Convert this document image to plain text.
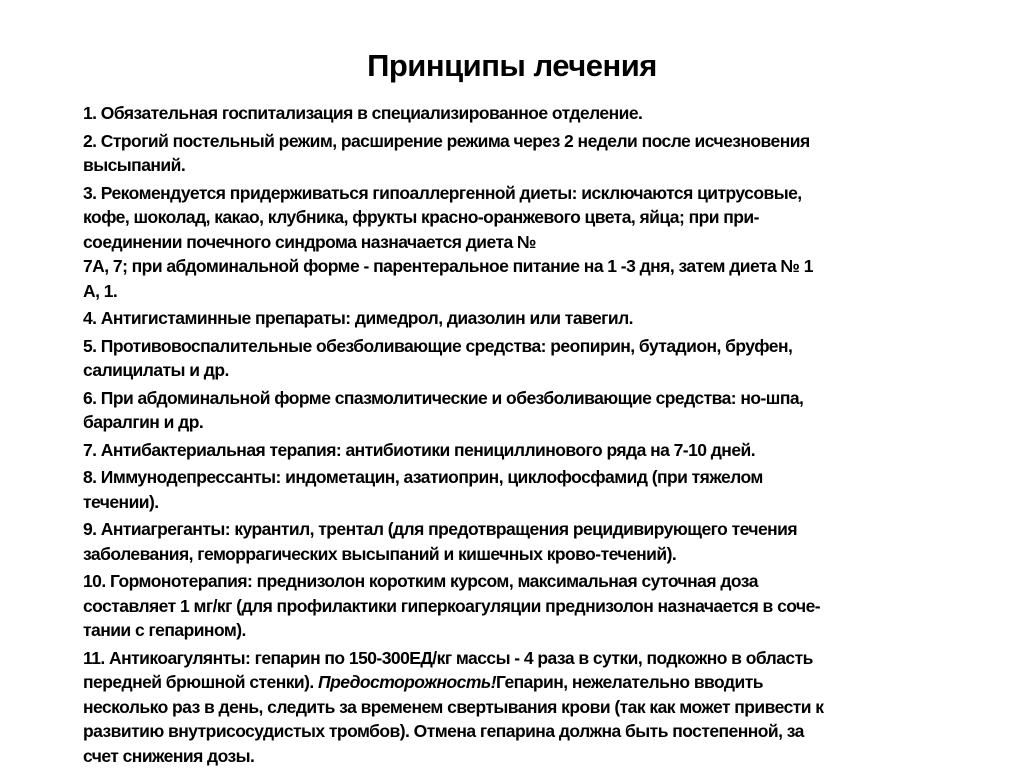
Принципы лечения
1. Обязательная госпитализация в специализированное отделение.
2. Строгий постельный режим, расширение режима через 2 недели после исчезновения
высыпаний.
3. Рекомендуется придерживаться гипоаллергенной диеты: исключаются цитрусовые,
кофе, шоколад, какао, клубника, фрукты красно-оранжевого цвета, яйца; при при-
соединении почечного синдрома назначается диета №
7А, 7; при абдоминальной форме - парентеральное питание на 1 -3 дня, затем диета № 1
А, 1.
4. Антигистаминные препараты: димедрол, диазолин или тавегил.
5. Противовоспалительные обезболивающие средства: реопирин, бутадион, бруфен,
салицилаты и др.
6. При абдоминальной форме спазмолитические и обезболивающие средства: но-шпа,
баралгин и др.
7. Антибактериальная терапия: антибиотики пенициллинового ряда на 7-10 дней.
8. Иммунодепрессанты: индометацин, азатиоприн, циклофосфамид (при тяжелом
течении).
9. Антиагреганты: курантил, трентал (для предотвращения рецидивирующего течения
заболевания, геморрагических высыпаний и кишечных крово-течений).
10. Гормонотерапия: преднизолон коротким курсом, максимальная суточная доза
составляет 1 мг/кг (для профилактики гиперкоагуляции преднизолон назначается в соче-
тании с гепарином).
11. Антикоагулянты: гепарин по 150-300ЕД/кг массы - 4 раза в сутки, подкожно в область
передней брюшной стенки). Предосторожность!Гепарин, нежелательно вводить
несколько раз в день, следить за временем свертывания крови (так как может привести к
развитию внутрисосудистых тромбов). Отмена гепарина должна быть постепенной, за
счет снижения дозы.
